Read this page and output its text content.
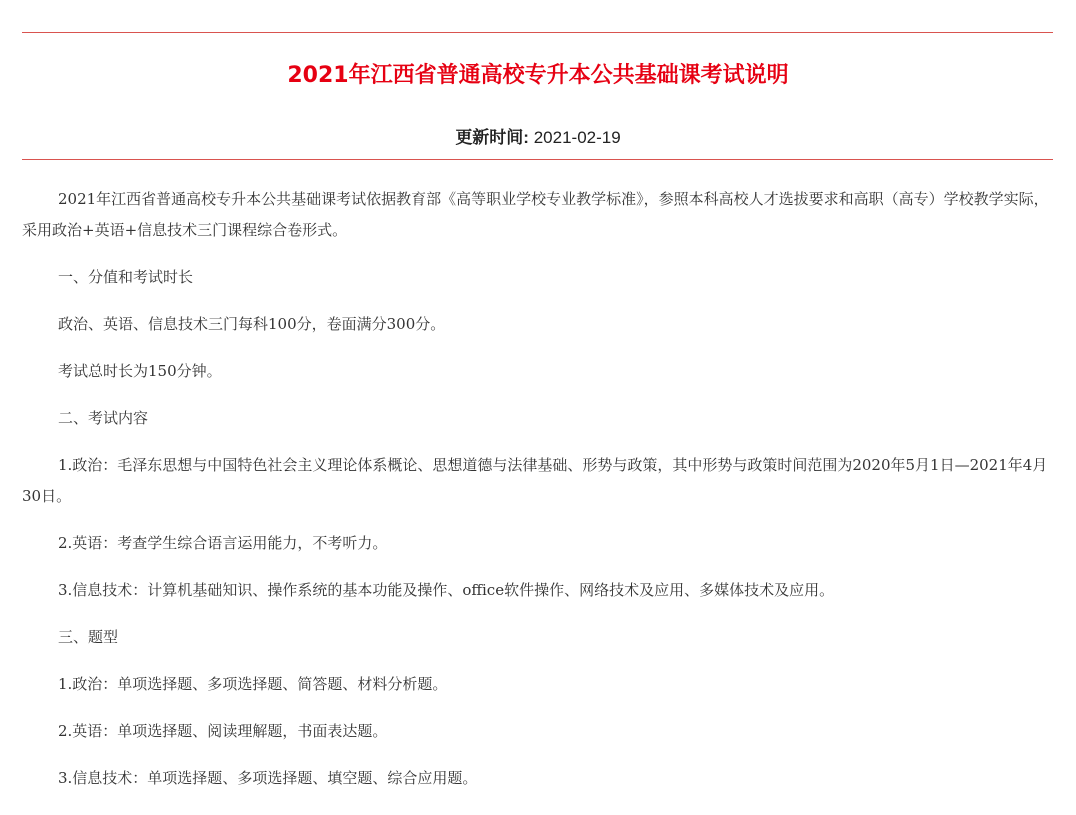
2021年江西省普通高校专升本公共基础课考试说明
更新时间: 2021-02-19

2021年江西省普通高校专升本公共基础课考试依据教育部《高等职业学校专业教学标准》，参照本科高校人才选拔要求和高职（高专）学校教学实际，采用政治+英语+信息技术三门课程综合卷形式。

一、分值和考试时长

政治、英语、信息技术三门每科100分，卷面满分300分。

考试总时长为150分钟。

二、考试内容

1.政治：毛泽东思想与中国特色社会主义理论体系概论、思想道德与法律基础、形势与政策，其中形势与政策时间范围为2020年5月1日—2021年4月30日。

2.英语：考查学生综合语言运用能力，不考听力。

3.信息技术：计算机基础知识、操作系统的基本功能及操作、office软件操作、网络技术及应用、多媒体技术及应用。

三、题型

1.政治：单项选择题、多项选择题、简答题、材料分析题。

2.英语：单项选择题、阅读理解题，书面表达题。

3.信息技术：单项选择题、多项选择题、填空题、综合应用题。
